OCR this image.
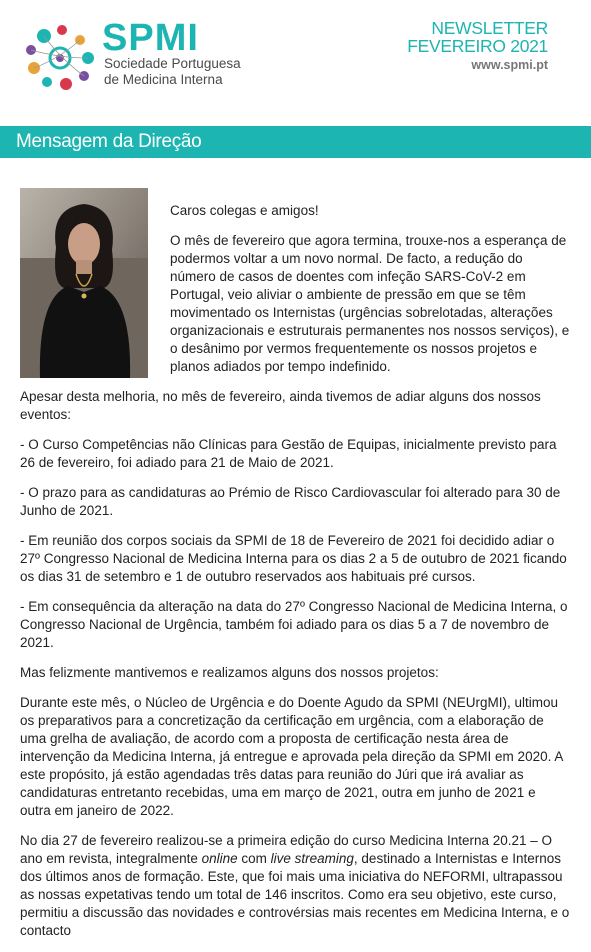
SPMI
Sociedade Portuguesa de Medicina Interna
NEWSLETTER
FEVEREIRO 2021
www.spmi.pt
Mensagem da Direção

Caros colegas e amigos!

O mês de fevereiro que agora termina, trouxe-nos a esperança de podermos voltar a um novo normal. De facto, a redução do número de casos de doentes com infeção SARS-CoV-2 em Portugal, veio aliviar o ambiente de pressão em que se têm movimentado os Internistas (urgências sobrelotadas, alterações organizacionais e estruturais permanentes nos nossos serviços), e o desânimo por vermos frequentemente os nossos projetos e planos adiados por tempo indefinido.

Apesar desta melhoria, no mês de fevereiro, ainda tivemos de adiar alguns dos nossos eventos:

- O Curso Competências não Clínicas para Gestão de Equipas, inicialmente previsto para 26 de fevereiro, foi adiado para 21 de Maio de 2021.

- O prazo para as candidaturas ao Prémio de Risco Cardiovascular foi alterado para 30 de Junho de 2021.

- Em reunião dos corpos sociais da SPMI de 18 de Fevereiro de 2021 foi decidido adiar o 27º Congresso Nacional de Medicina Interna para os dias 2 a 5 de outubro de 2021 ficando os dias 31 de setembro e 1 de outubro reservados aos habituais pré cursos.

- Em consequência da alteração na data do 27º Congresso Nacional de Medicina Interna, o Congresso Nacional de Urgência, também foi adiado para os dias 5 a 7 de novembro de 2021.

Mas felizmente mantivemos e realizamos alguns dos nossos projetos:

Durante este mês, o Núcleo de Urgência e do Doente Agudo da SPMI (NEUrgMI), ultimou os preparativos para a concretização da certificação em urgência, com a elaboração de uma grelha de avaliação, de acordo com a proposta de certificação nesta área de intervenção da Medicina Interna, já entregue e aprovada pela direção da SPMI em 2020. A este propósito, já estão agendadas três datas para reunião do Júri que irá avaliar as candidaturas entretanto recebidas, uma em março de 2021, outra em junho de 2021 e outra em janeiro de 2022.

No dia 27 de fevereiro realizou-se a primeira edição do curso Medicina Interna 20.21 – O ano em revista, integralmente online com live streaming, destinado a Internistas e Internos dos últimos anos de formação. Este, que foi mais uma iniciativa do NEFORMI, ultrapassou as nossas expetativas tendo um total de 146 inscritos. Como era seu objetivo, este curso, permitiu a discussão das novidades e controvérsias mais recentes em Medicina Interna, e o contacto
